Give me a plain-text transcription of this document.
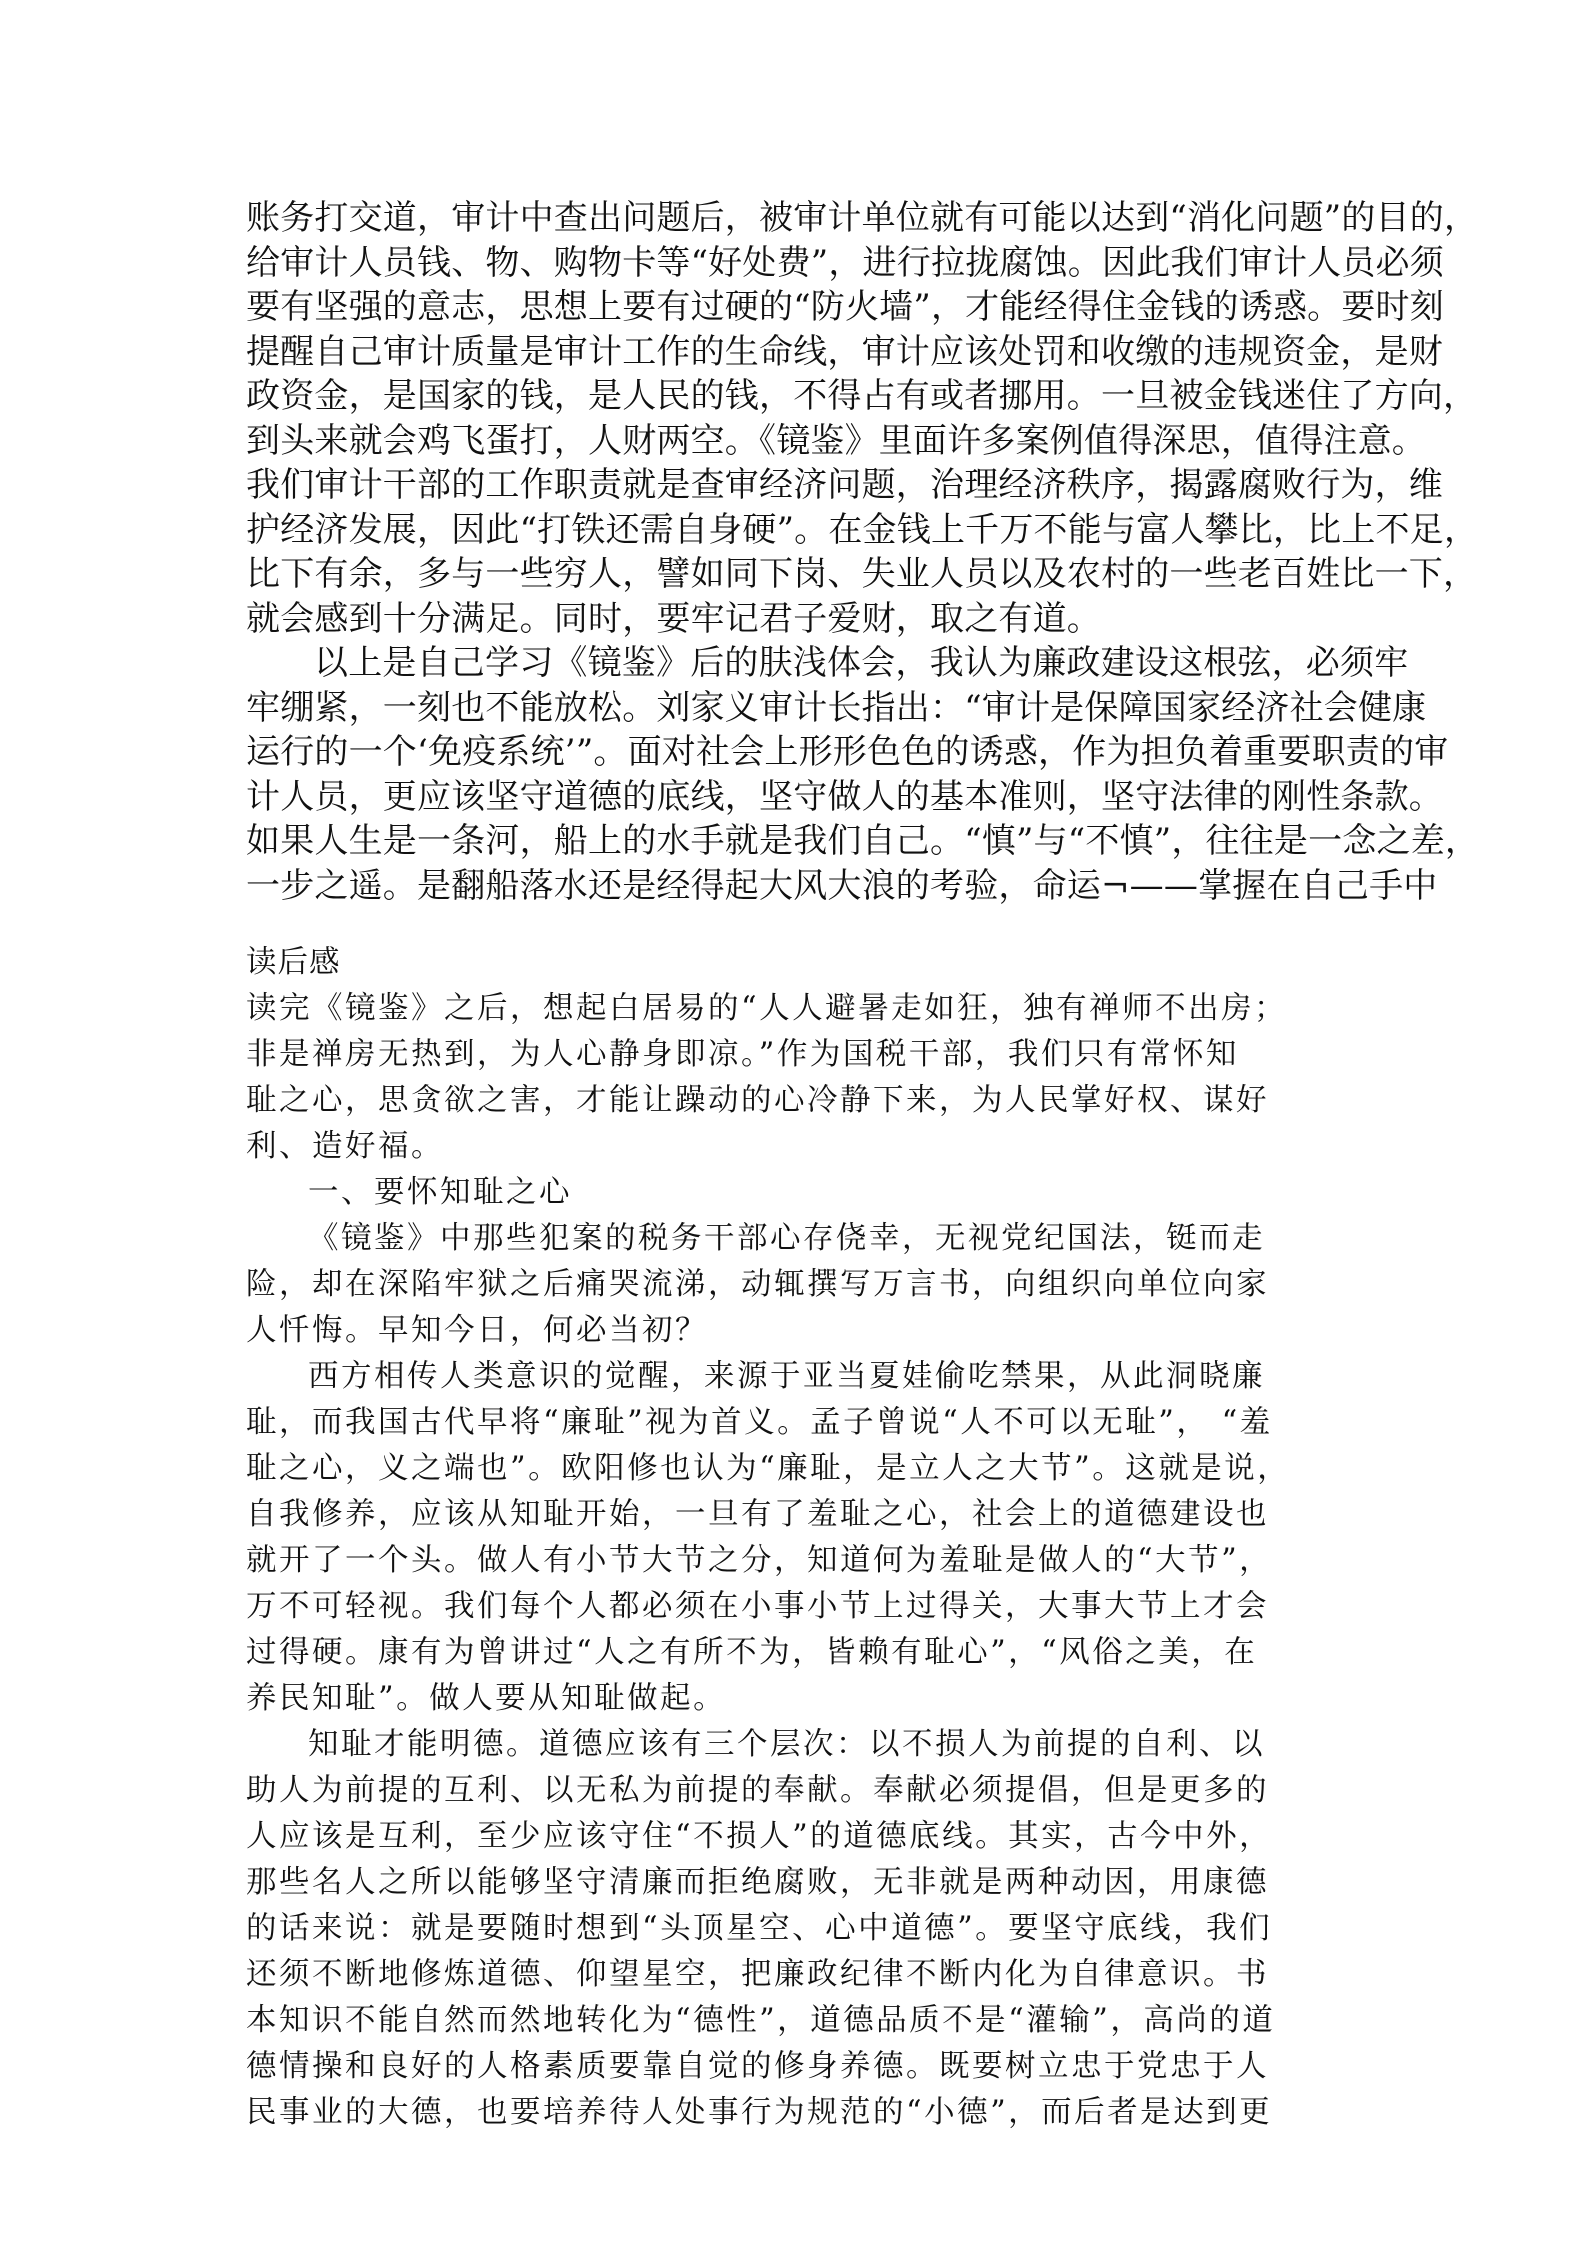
账务打交道，审计中查出问题后，被审计单位就有可能以达到“消化问题”的目的，
给审计人员钱、物、购物卡等“好处费”，进行拉拢腐蚀。因此我们审计人员必须
要有坚强的意志，思想上要有过硬的“防火墙”，才能经得住金钱的诱惑。要时刻
提醒自己审计质量是审计工作的生命线，审计应该处罚和收缴的违规资金，是财
政资金，是国家的钱，是人民的钱，不得占有或者挪用。一旦被金钱迷住了方向，
到头来就会鸡飞蛋打，人财两空。《镜鉴》里面许多案例值得深思，值得注意。
我们审计干部的工作职责就是查审经济问题，治理经济秩序，揭露腐败行为，维
护经济发展，因此“打铁还需自身硬”。在金钱上千万不能与富人攀比，比上不足，
比下有余，多与一些穷人，譬如同下岗、失业人员以及农村的一些老百姓比一下，
就会感到十分满足。同时，要牢记君子爱财，取之有道。
以上是自己学习《镜鉴》后的肤浅体会，我认为廉政建设这根弦，必须牢
牢绷紧，一刻也不能放松。刘家义审计长指出：“审计是保障国家经济社会健康
运行的一个‘免疫系统’”。面对社会上形形色色的诱惑，作为担负着重要职责的审
计人员，更应该坚守道德的底线，坚守做人的基本准则，坚守法律的刚性条款。
如果人生是一条河，船上的水手就是我们自己。“慎”与“不慎”，往往是一念之差，
一步之遥。是翻船落水还是经得起大风大浪的考验，命运¬——掌握在自己手中
读后感
读完《镜鉴》之后，想起白居易的“人人避暑走如狂，独有禅师不出房；
非是禅房无热到，为人心静身即凉。”作为国税干部，我们只有常怀知
耻之心，思贪欲之害，才能让躁动的心冷静下来，为人民掌好权、谋好
利、造好福。
一、要怀知耻之心
《镜鉴》中那些犯案的税务干部心存侥幸，无视党纪国法，铤而走
险，却在深陷牢狱之后痛哭流涕，动辄撰写万言书，向组织向单位向家
人忏悔。早知今日，何必当初？
西方相传人类意识的觉醒，来源于亚当夏娃偷吃禁果，从此洞晓廉
耻，而我国古代早将“廉耻”视为首义。孟子曾说“人不可以无耻”， “羞
耻之心，义之端也”。欧阳修也认为“廉耻，是立人之大节”。这就是说，
自我修养，应该从知耻开始，一旦有了羞耻之心，社会上的道德建设也
就开了一个头。做人有小节大节之分，知道何为羞耻是做人的“大节”，
万不可轻视。我们每个人都必须在小事小节上过得关，大事大节上才会
过得硬。康有为曾讲过“人之有所不为，皆赖有耻心”，“风俗之美，在
养民知耻”。做人要从知耻做起。
知耻才能明德。道德应该有三个层次：以不损人为前提的自利、以
助人为前提的互利、以无私为前提的奉献。奉献必须提倡，但是更多的
人应该是互利，至少应该守住“不损人”的道德底线。其实，古今中外，
那些名人之所以能够坚守清廉而拒绝腐败，无非就是两种动因，用康德
的话来说：就是要随时想到“头顶星空、心中道德”。要坚守底线，我们
还须不断地修炼道德、仰望星空，把廉政纪律不断内化为自律意识。书
本知识不能自然而然地转化为“德性”，道德品质不是“灌输”，高尚的道
德情操和良好的人格素质要靠自觉的修身养德。既要树立忠于党忠于人
民事业的大德，也要培养待人处事行为规范的“小德”，而后者是达到更
